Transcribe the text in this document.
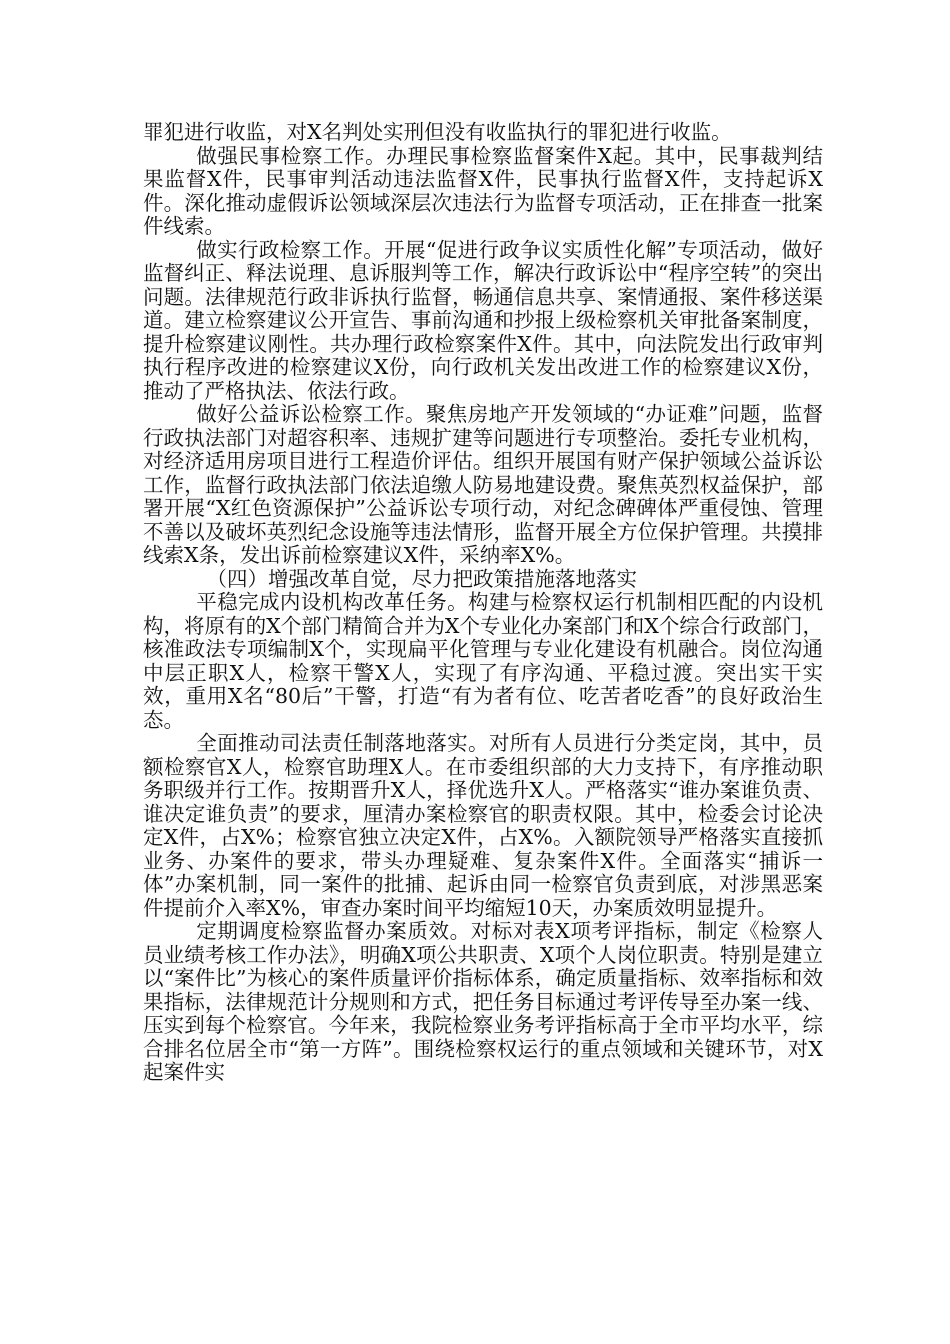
罪犯进行收监，对X名判处实刑但没有收监执行的罪犯进行收监。

做强民事检察工作。办理民事检察监督案件X起。其中，民事裁判结果监督X件，民事审判活动违法监督X件，民事执行监督X件，支持起诉X件。深化推动虚假诉讼领域深层次违法行为监督专项活动，正在排查一批案件线索。

做实行政检察工作。开展“促进行政争议实质性化解”专项活动，做好监督纠正、释法说理、息诉服判等工作，解决行政诉讼中“程序空转”的突出问题。法律规范行政非诉执行监督，畅通信息共享、案情通报、案件移送渠道。建立检察建议公开宣告、事前沟通和抄报上级检察机关审批备案制度，提升检察建议刚性。共办理行政检察案件X件。其中，向法院发出行政审判执行程序改进的检察建议X份，向行政机关发出改进工作的检察建议X份，推动了严格执法、依法行政。

做好公益诉讼检察工作。聚焦房地产开发领域的“办证难”问题，监督行政执法部门对超容积率、违规扩建等问题进行专项整治。委托专业机构，对经济适用房项目进行工程造价评估。组织开展国有财产保护领域公益诉讼工作，监督行政执法部门依法追缴人防易地建设费。聚焦英烈权益保护，部署开展“X红色资源保护”公益诉讼专项行动，对纪念碑碑体严重侵蚀、管理不善以及破坏英烈纪念设施等违法情形，监督开展全方位保护管理。共摸排线索X条，发出诉前检察建议X件，采纳率X%。

（四）增强改革自觉，尽力把政策措施落地落实

平稳完成内设机构改革任务。构建与检察权运行机制相匹配的内设机构，将原有的X个部门精简合并为X个专业化办案部门和X个综合行政部门，核准政法专项编制X个，实现扁平化管理与专业化建设有机融合。岗位沟通中层正职X人，检察干警X人，实现了有序沟通、平稳过渡。突出实干实效，重用X名“80后”干警，打造“有为者有位、吃苦者吃香”的良好政治生态。

全面推动司法责任制落地落实。对所有人员进行分类定岗，其中，员额检察官X人，检察官助理X人。在市委组织部的大力支持下，有序推动职务职级并行工作。按期晋升X人，择优选升X人。严格落实“谁办案谁负责、谁决定谁负责”的要求，厘清办案检察官的职责权限。其中，检委会讨论决定X件，占X%；检察官独立决定X件，占X%。入额院领导严格落实直接抓业务、办案件的要求，带头办理疑难、复杂案件X件。全面落实“捕诉一体”办案机制，同一案件的批捕、起诉由同一检察官负责到底，对涉黑恶案件提前介入率X%，审查办案时间平均缩短10天，办案质效明显提升。

定期调度检察监督办案质效。对标对表X项考评指标，制定《检察人员业绩考核工作办法》，明确X项公共职责、X项个人岗位职责。特别是建立以“案件比”为核心的案件质量评价指标体系，确定质量指标、效率指标和效果指标，法律规范计分规则和方式，把任务目标通过考评传导至办案一线、压实到每个检察官。今年来，我院检察业务考评指标高于全市平均水平，综合排名位居全市“第一方阵”。围绕检察权运行的重点领域和关键环节，对X起案件实
